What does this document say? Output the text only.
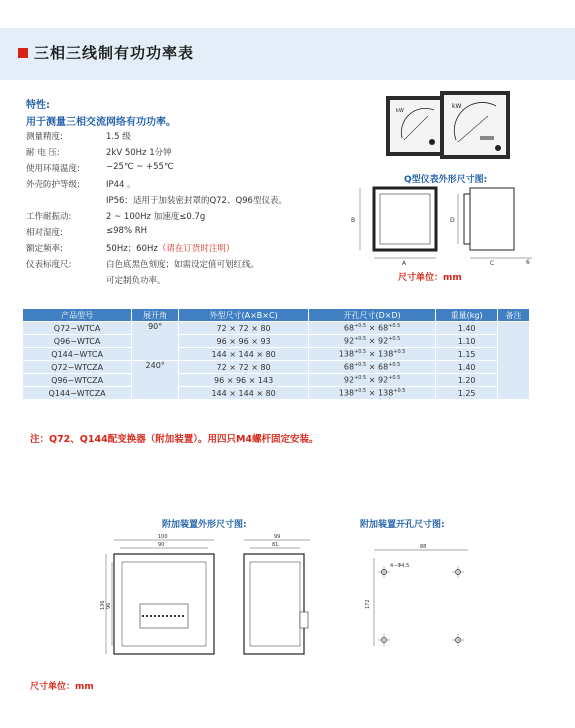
三相三线制有功功率表
特性:
用于测量三相交流网络有功功率。
测量精度:	1.5 级
耐 电 压:	2kV 50Hz 1分钟
使用环境温度:	−25℃ ~ +55℃
外壳防护等级:	IP44 。
IP56：适用于加装密封罩的Q72、Q96型仪表。
工作耐振动:	2 ~ 100Hz 加速度≤0.7g
相对湿度:	≤98% RH
额定频率:	50Hz；60Hz （请在订货时注明）
仪表标度尺:	白色底黑色刻度；如需设定值可划红线。
可定制负功率。
kW
kW
Q型仪表外形尺寸图:
B
A
D
C	6
尺寸单位：mm
产品型号	展开角	外型尺寸(A×B×C)	开孔尺寸(D×D)	重量(kg)	备注
Q72−WTCA	90°	72 × 72 × 80	$68^{+0.5} \times 68^{+0.5}$	1.40	
Q96−WTCA		96 × 96 × 93	$92^{+0.5} \times 92^{+0.5}$	1.10	
Q144−WTCA		144 × 144 × 80	$138^{+0.5} \times 138^{+0.5}$	1.15	
Q72−WTCZA	240°	72 × 72 × 80	$68^{+0.5} \times 68^{+0.5}$	1.40	
Q96−WTCZA		96 × 96 × 143	$92^{+0.5} \times 92^{+0.5}$	1.20	
Q144−WTCZA		144 × 144 × 80	$138^{+0.5} \times 138^{+0.5}$	1.25	
注：Q72、Q144配变换器（附加装置）。用四只M4螺杆固定安装。
附加装置外形尺寸图:	附加装置开孔尺寸图:
100
90
136 96
99
81	88
4−Φ4.5
172
尺寸单位：mm
